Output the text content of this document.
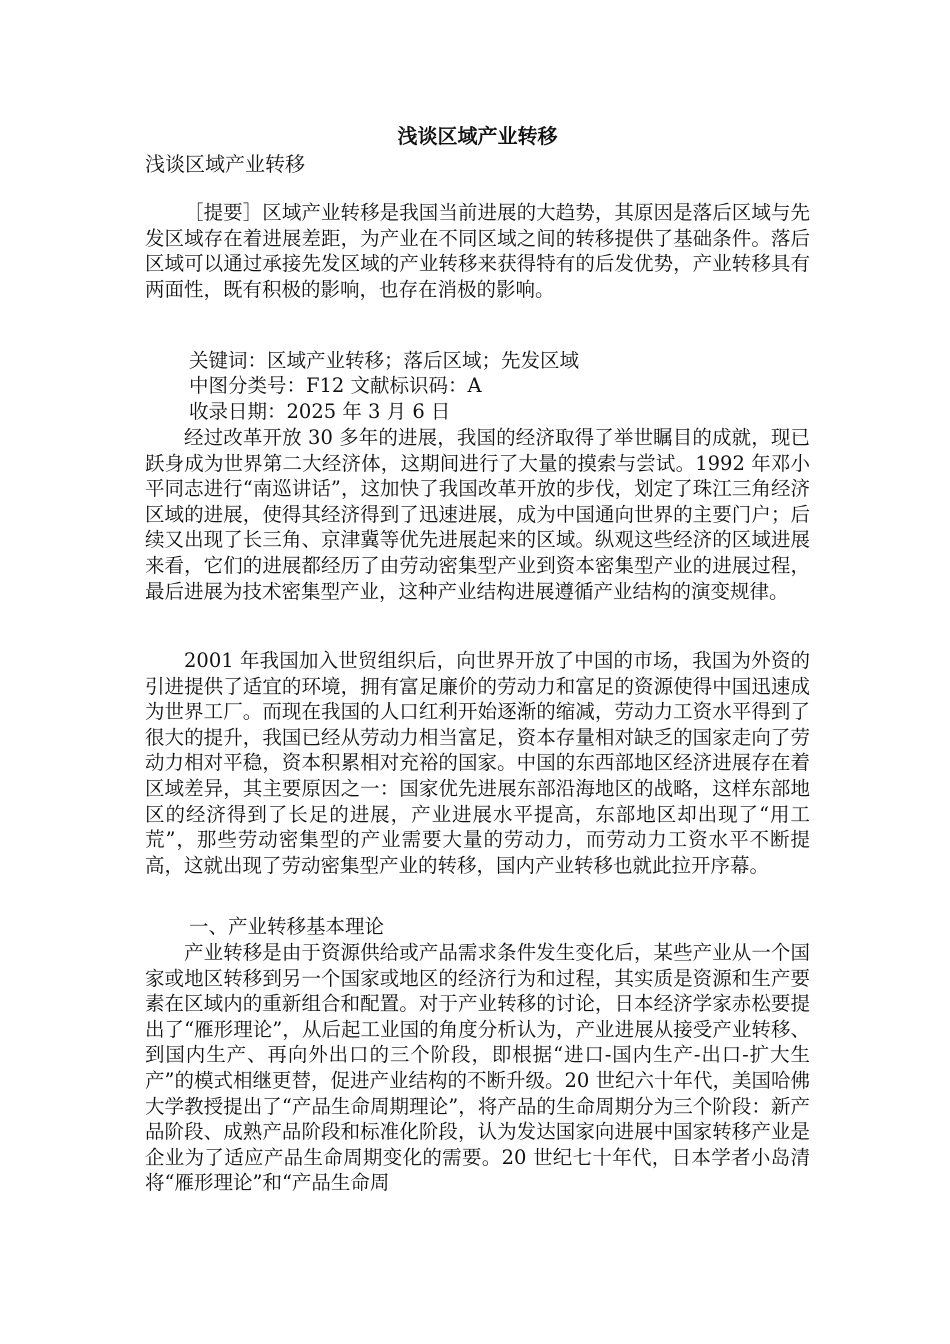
浅谈区域产业转移
浅谈区域产业转移

［提要］区域产业转移是我国当前进展的大趋势，其原因是落后区域与先发区域存在着进展差距，为产业在不同区域之间的转移提供了基础条件。落后区域可以通过承接先发区域的产业转移来获得特有的后发优势，产业转移具有两面性，既有积极的影响，也存在消极的影响。

关键词：区域产业转移；落后区域；先发区域
中图分类号：F12 文献标识码：A
收录日期：2025 年 3 月 6 日

经过改革开放 30 多年的进展，我国的经济取得了举世瞩目的成就，现已跃身成为世界第二大经济体，这期间进行了大量的摸索与尝试。1992 年邓小平同志进行“南巡讲话”，这加快了我国改革开放的步伐，划定了珠江三角经济区域的进展，使得其经济得到了迅速进展，成为中国通向世界的主要门户；后续又出现了长三角、京津冀等优先进展起来的区域。纵观这些经济的区域进展来看，它们的进展都经历了由劳动密集型产业到资本密集型产业的进展过程，最后进展为技术密集型产业，这种产业结构进展遵循产业结构的演变规律。

2001 年我国加入世贸组织后，向世界开放了中国的市场，我国为外资的引进提供了适宜的环境，拥有富足廉价的劳动力和富足的资源使得中国迅速成为世界工厂。而现在我国的人口红利开始逐渐的缩减，劳动力工资水平得到了很大的提升，我国已经从劳动力相当富足，资本存量相对缺乏的国家走向了劳动力相对平稳，资本积累相对充裕的国家。中国的东西部地区经济进展存在着区域差异，其主要原因之一：国家优先进展东部沿海地区的战略，这样东部地区的经济得到了长足的进展，产业进展水平提高，东部地区却出现了“用工荒”，那些劳动密集型的产业需要大量的劳动力，而劳动力工资水平不断提高，这就出现了劳动密集型产业的转移，国内产业转移也就此拉开序幕。

一、产业转移基本理论

产业转移是由于资源供给或产品需求条件发生变化后，某些产业从一个国家或地区转移到另一个国家或地区的经济行为和过程，其实质是资源和生产要素在区域内的重新组合和配置。对于产业转移的讨论，日本经济学家赤松要提出了“雁形理论”，从后起工业国的角度分析认为，产业进展从接受产业转移、到国内生产、再向外出口的三个阶段，即根据“进口-国内生产-出口-扩大生产”的模式相继更替，促进产业结构的不断升级。20 世纪六十年代，美国哈佛大学教授提出了“产品生命周期理论”，将产品的生命周期分为三个阶段：新产品阶段、成熟产品阶段和标准化阶段，认为发达国家向进展中国家转移产业是企业为了适应产品生命周期变化的需要。20 世纪七十年代，日本学者小岛清将“雁形理论”和“产品生命周
